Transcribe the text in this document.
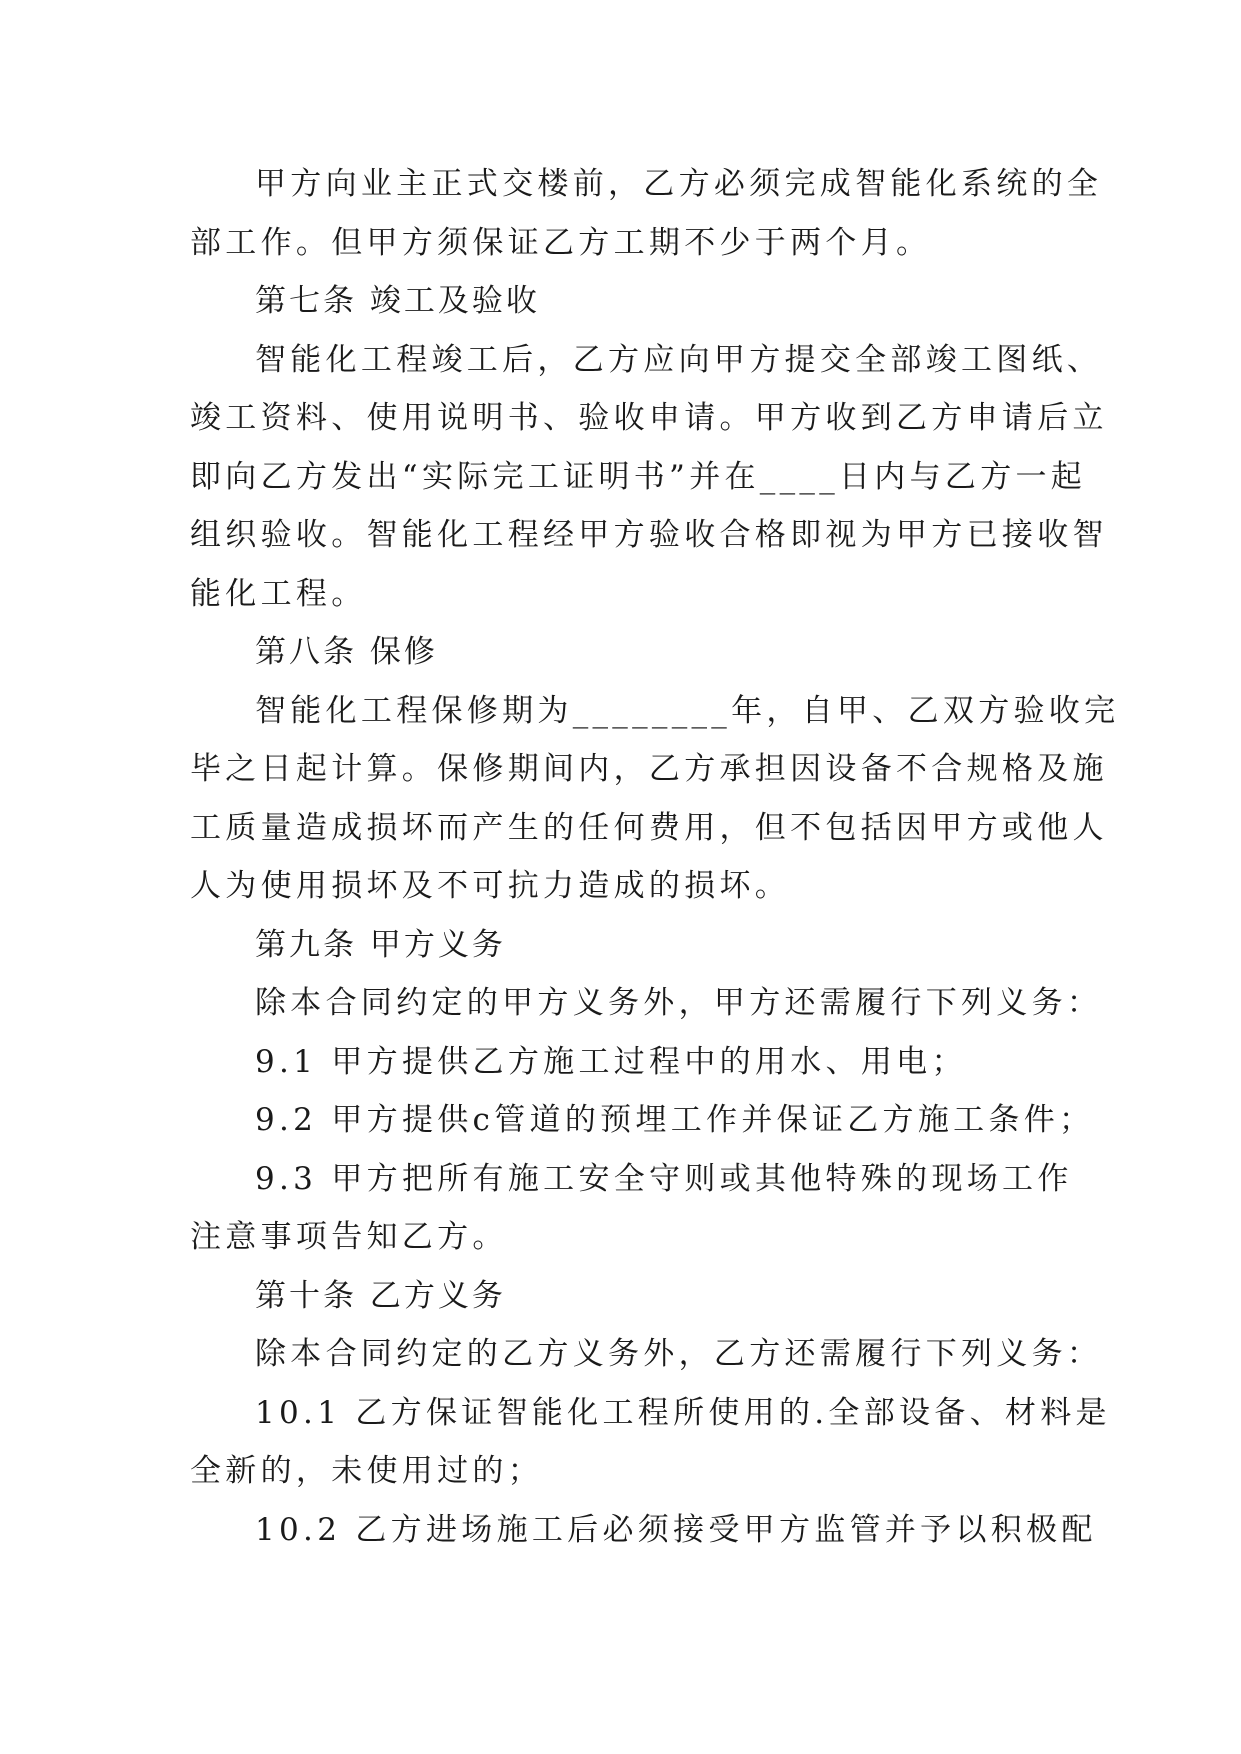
甲方向业主正式交楼前，乙方必须完成智能化系统的全
部工作。但甲方须保证乙方工期不少于两个月。
第七条 竣工及验收
智能化工程竣工后，乙方应向甲方提交全部竣工图纸、
竣工资料、使用说明书、验收申请。甲方收到乙方申请后立
即向乙方发出“实际完工证明书”并在____日内与乙方一起
组织验收。智能化工程经甲方验收合格即视为甲方已接收智
能化工程。
第八条 保修
智能化工程保修期为________年，自甲、乙双方验收完
毕之日起计算。保修期间内，乙方承担因设备不合规格及施
工质量造成损坏而产生的任何费用，但不包括因甲方或他人
人为使用损坏及不可抗力造成的损坏。
第九条 甲方义务
除本合同约定的甲方义务外，甲方还需履行下列义务：
9.1 甲方提供乙方施工过程中的用水、用电；
9.2 甲方提供c管道的预埋工作并保证乙方施工条件；
9.3 甲方把所有施工安全守则或其他特殊的现场工作
注意事项告知乙方。
第十条 乙方义务
除本合同约定的乙方义务外，乙方还需履行下列义务：
10.1 乙方保证智能化工程所使用的.全部设备、材料是
全新的，未使用过的；
10.2 乙方进场施工后必须接受甲方监管并予以积极配
